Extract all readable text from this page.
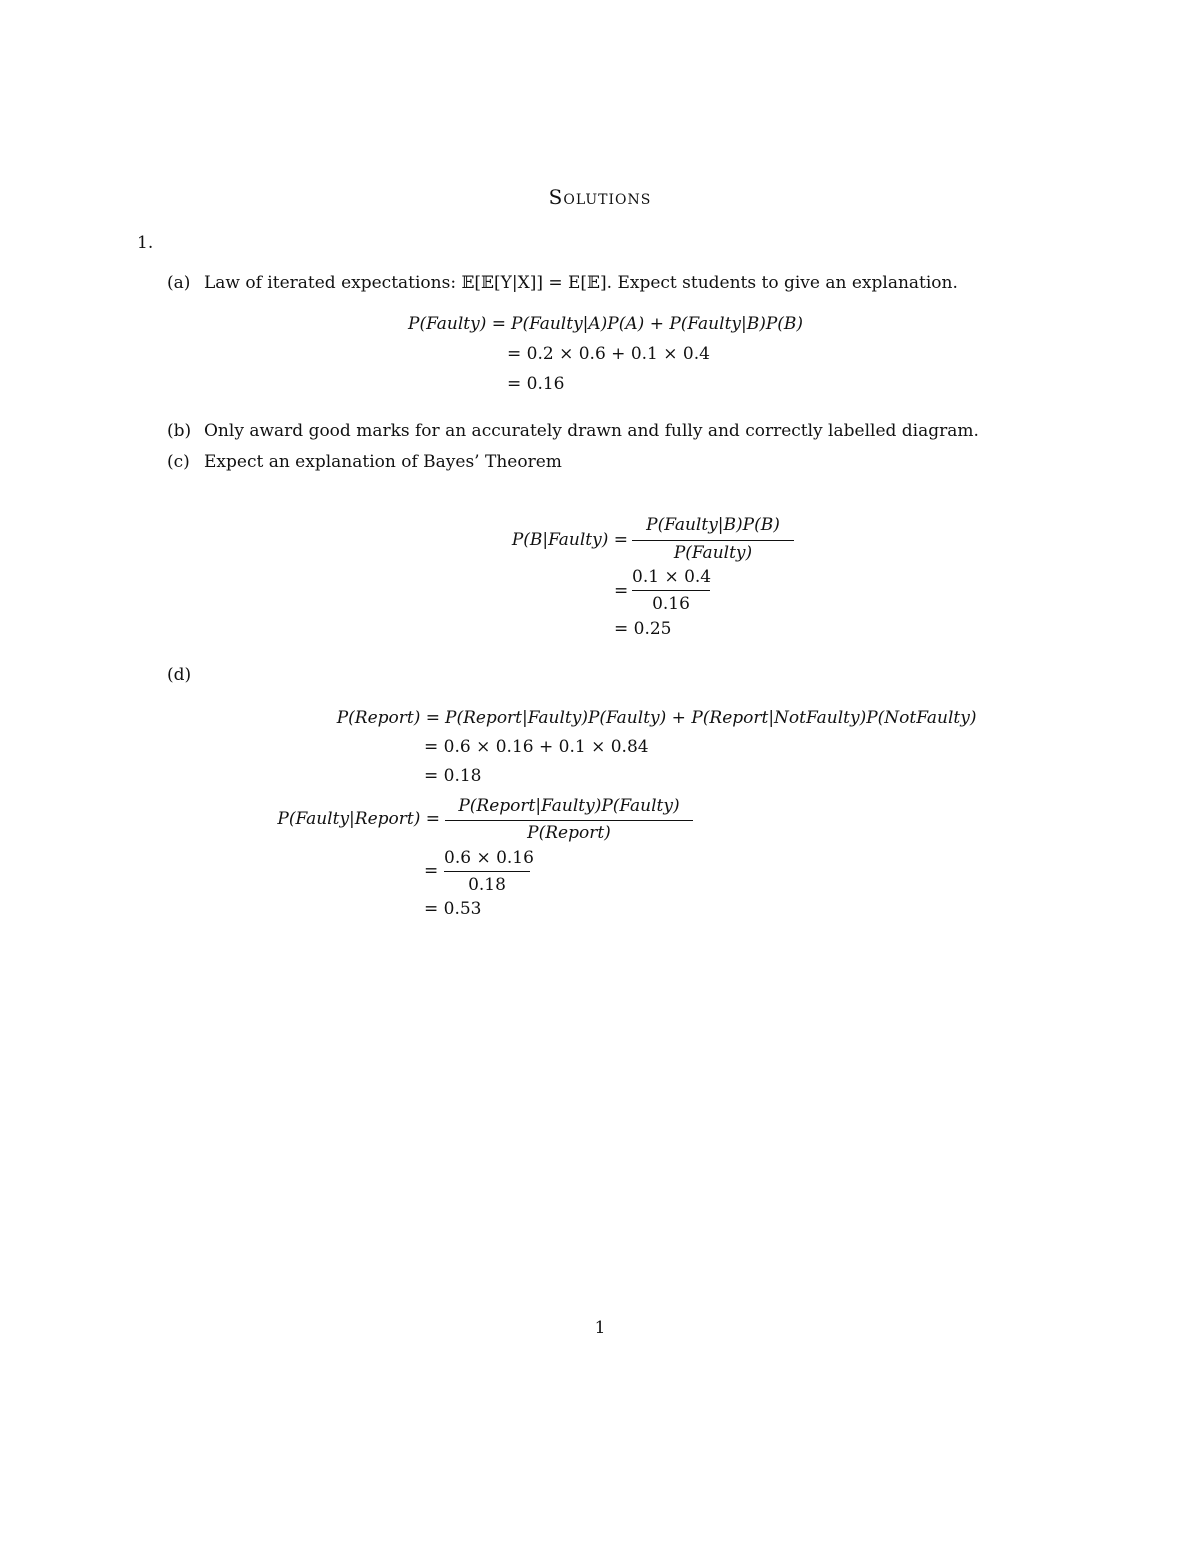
Solutions
1.
(a) Law of iterated expectations: 𝔼[𝔼[Y|X]] = E[𝔼]. Expect students to give an explanation.
P(Faulty) = P(Faulty|A)P(A) + P(Faulty|B)P(B)
= 0.2 × 0.6 + 0.1 × 0.4
= 0.16
(b) Only award good marks for an accurately drawn and fully and correctly labelled diagram.
(c) Expect an explanation of Bayes’ Theorem
P(B|Faulty) =
P(Faulty|B)P(B)
P(Faulty)
=
0.1 × 0.4
0.16
= 0.25
(d)
P(Report) = P(Report|Faulty)P(Faulty) + P(Report|NotFaulty)P(NotFaulty)
= 0.6 × 0.16 + 0.1 × 0.84
= 0.18
P(Faulty|Report) =
P(Report|Faulty)P(Faulty)
P(Report)
=
0.6 × 0.16
0.18
= 0.53
1
